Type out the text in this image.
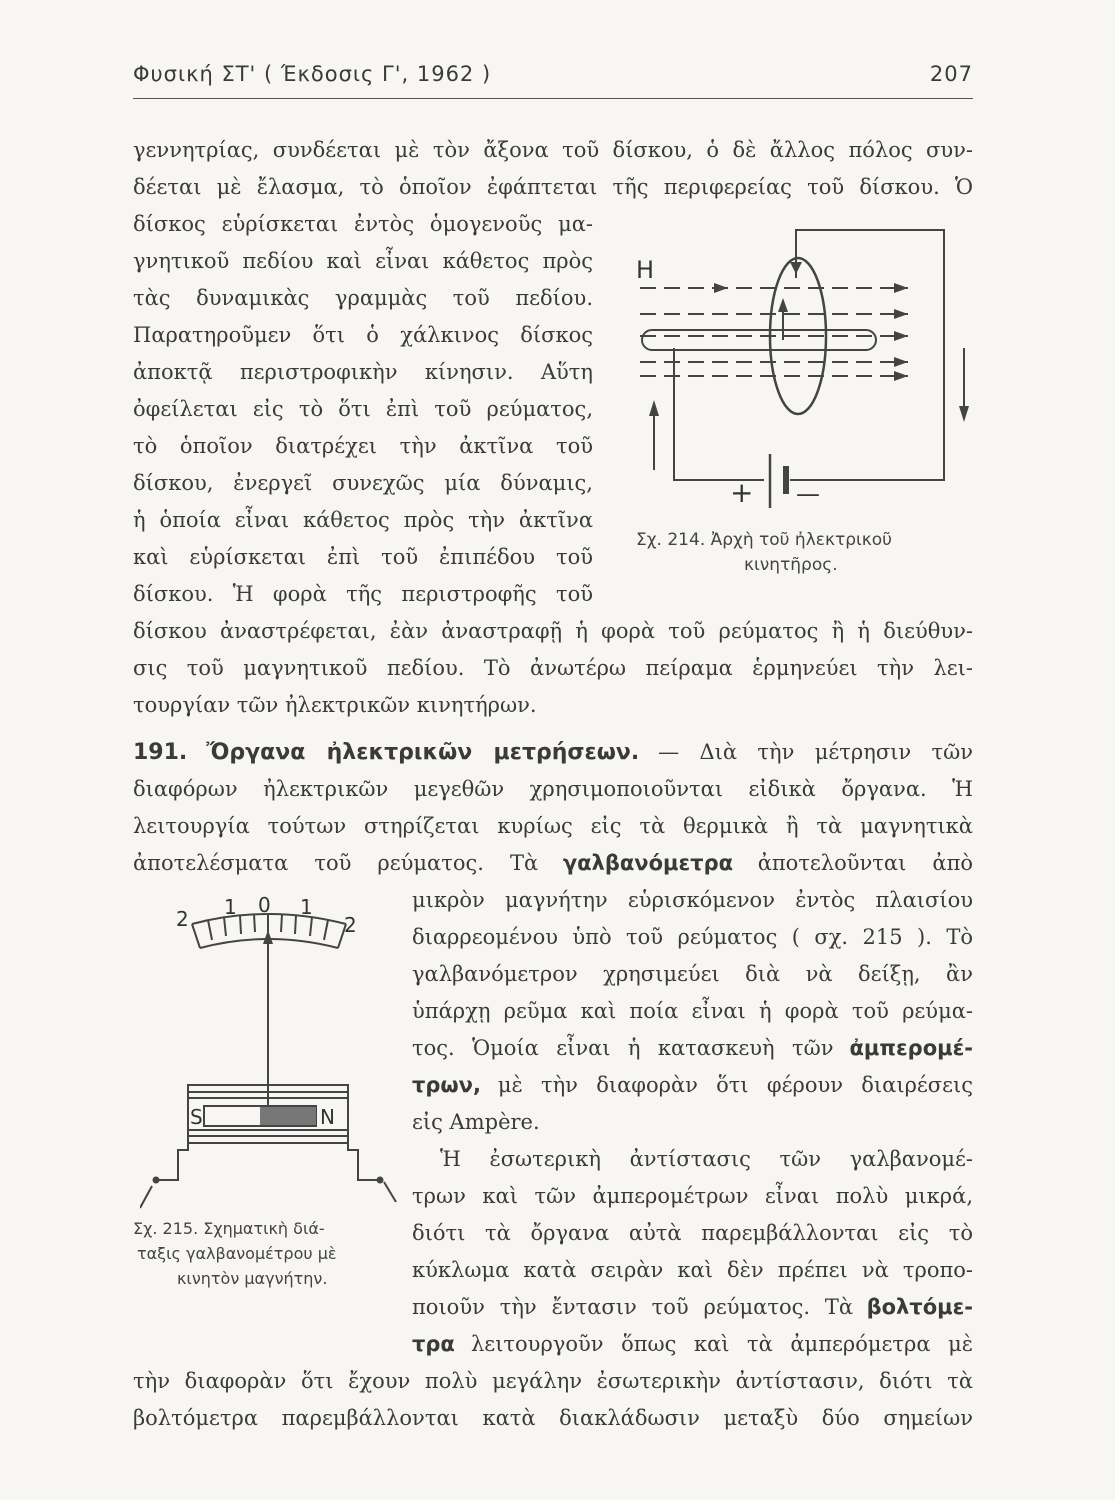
Φυσική ΣΤ' ( Έκδοσις Γ', 1962 )	207
γεννητρίας, συνδέεται μὲ τὸν ἄξονα τοῦ δίσκου, ὁ δὲ ἄλλος πόλος συν-
δέεται μὲ ἔλασμα, τὸ ὁποῖον ἐφάπτεται τῆς περιφερείας τοῦ δίσκου. Ὁ
δίσκος εὑρίσκεται ἐντὸς ὁμογενοῦς μα-
γνητικοῦ πεδίου καὶ εἶναι κάθετος πρὸς
τὰς δυναμικὰς γραμμὰς τοῦ πεδίου.
Παρατηροῦμεν ὅτι ὁ χάλκινος δίσκος
ἀποκτᾷ περιστροφικὴν κίνησιν. Αὕτη
ὀφείλεται εἰς τὸ ὅτι ἐπὶ τοῦ ρεύματος,
τὸ ὁποῖον διατρέχει τὴν ἀκτῖνα τοῦ
δίσκου, ἐνεργεῖ συνεχῶς μία δύναμις,
ἡ ὁποία εἶναι κάθετος πρὸς τὴν ἀκτῖνα
καὶ εὑρίσκεται ἐπὶ τοῦ ἐπιπέδου τοῦ
δίσκου. Ἡ φορὰ τῆς περιστροφῆς τοῦ
δίσκου ἀναστρέφεται, ἐὰν ἀναστραφῇ ἡ φορὰ τοῦ ρεύματος ἢ ἡ διεύθυν-
σις τοῦ μαγνητικοῦ πεδίου. Τὸ ἀνωτέρω πείραμα ἑρμηνεύει τὴν λει-
τουργίαν τῶν ἠλεκτρικῶν κινητήρων.
H
+ —
Σχ. 214. Ἀρχὴ τοῦ ἠλεκτρικοῦ
κινητῆρος.
191. Ὄργανα ἠλεκτρικῶν μετρήσεων. — Διὰ τὴν μέτρησιν τῶν
διαφόρων ἠλεκτρικῶν μεγεθῶν χρησιμοποιοῦνται εἰδικὰ ὄργανα. Ἡ
λειτουργία τούτων στηρίζεται κυρίως εἰς τὰ θερμικὰ ἢ τὰ μαγνητικὰ
ἀποτελέσματα τοῦ ρεύματος. Τὰ γαλβανόμετρα ἀποτελοῦνται ἀπὸ
μικρὸν μαγνήτην εὑρισκόμενον ἐντὸς πλαισίου
διαρρεομένου ὑπὸ τοῦ ρεύματος ( σχ. 215 ). Τὸ
γαλβανόμετρον χρησιμεύει διὰ νὰ δείξῃ, ἂν
ὑπάρχῃ ρεῦμα καὶ ποία εἶναι ἡ φορὰ τοῦ ρεύμα-
τος. Ὁμοία εἶναι ἡ κατασκευὴ τῶν ἀμπερομέ-
τρων, μὲ τὴν διαφορὰν ὅτι φέρουν διαιρέσεις
εἰς Ampère.
Ἡ ἐσωτερικὴ ἀντίστασις τῶν γαλβανομέ-
τρων καὶ τῶν ἀμπερομέτρων εἶναι πολὺ μικρά,
διότι τὰ ὄργανα αὐτὰ παρεμβάλλονται εἰς τὸ
κύκλωμα κατὰ σειρὰν καὶ δὲν πρέπει νὰ τροπο-
ποιοῦν τὴν ἔντασιν τοῦ ρεύματος. Τὰ βολτόμε-
τρα λειτουργοῦν ὅπως καὶ τὰ ἀμπερόμετρα μὲ
τὴν διαφορὰν ὅτι ἔχουν πολὺ μεγάλην ἐσωτερικὴν ἀντίστασιν, διότι τὰ
βολτόμετρα παρεμβάλλονται κατὰ διακλάδωσιν μεταξὺ δύο σημείων
2 1 0 1
2
S	N
Σχ. 215. Σχηματικὴ διά-
ταξις γαλβανομέτρου μὲ
κινητὸν μαγνήτην.
